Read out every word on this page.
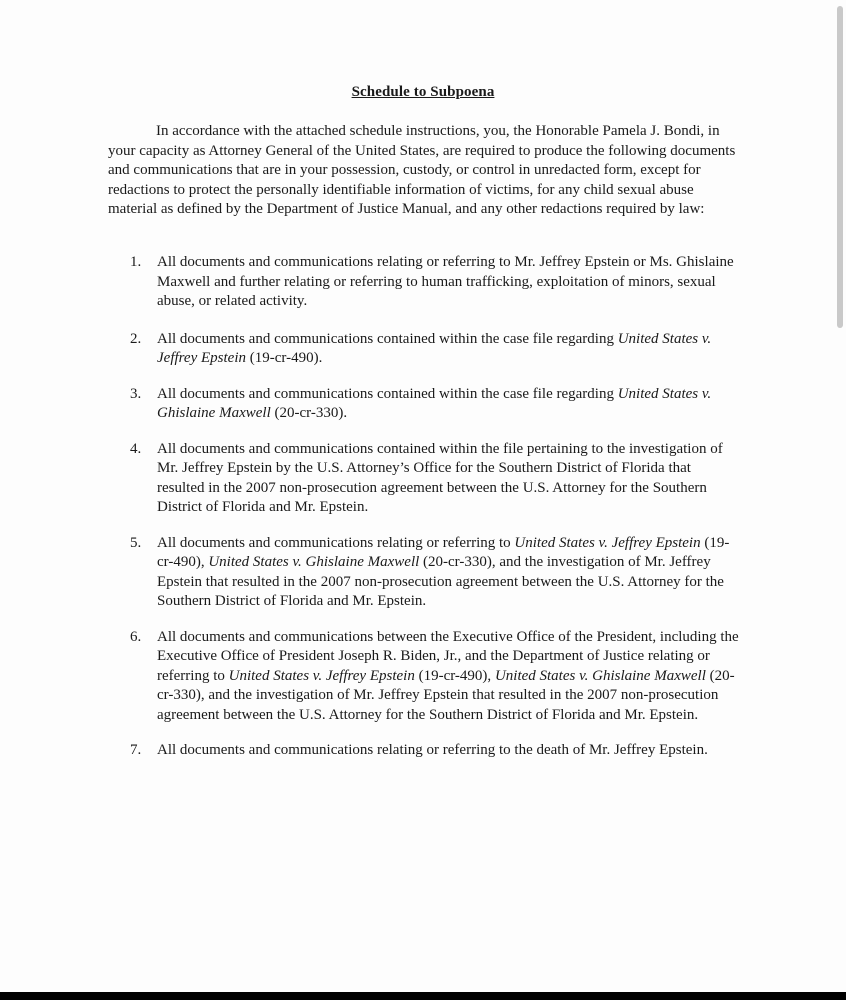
Schedule to Subpoena

In accordance with the attached schedule instructions, you, the Honorable Pamela J. Bondi, in your capacity as Attorney General of the United States, are required to produce the following documents and communications that are in your possession, custody, or control in unredacted form, except for redactions to protect the personally identifiable information of victims, for any child sexual abuse material as defined by the Department of Justice Manual, and any other redactions required by law:

1.	All documents and communications relating or referring to Mr. Jeffrey Epstein or Ms. Ghislaine Maxwell and further relating or referring to human trafficking, exploitation of minors, sexual abuse, or related activity.
2.	All documents and communications contained within the case file regarding United States v. Jeffrey Epstein (19-cr-490).
3.	All documents and communications contained within the case file regarding United States v. Ghislaine Maxwell (20-cr-330).
4.	All documents and communications contained within the file pertaining to the investigation of Mr. Jeffrey Epstein by the U.S. Attorney’s Office for the Southern District of Florida that resulted in the 2007 non-prosecution agreement between the U.S. Attorney for the Southern District of Florida and Mr. Epstein.
5.	All documents and communications relating or referring to United States v. Jeffrey Epstein (19-cr-490), United States v. Ghislaine Maxwell (20-cr-330), and the investigation of Mr. Jeffrey Epstein that resulted in the 2007 non-prosecution agreement between the U.S. Attorney for the Southern District of Florida and Mr. Epstein.
6.	All documents and communications between the Executive Office of the President, including the Executive Office of President Joseph R. Biden, Jr., and the Department of Justice relating or referring to United States v. Jeffrey Epstein (19-cr-490), United States v. Ghislaine Maxwell (20-cr-330), and the investigation of Mr. Jeffrey Epstein that resulted in the 2007 non-prosecution agreement between the U.S. Attorney for the Southern District of Florida and Mr. Epstein.
7.	All documents and communications relating or referring to the death of Mr. Jeffrey Epstein.
